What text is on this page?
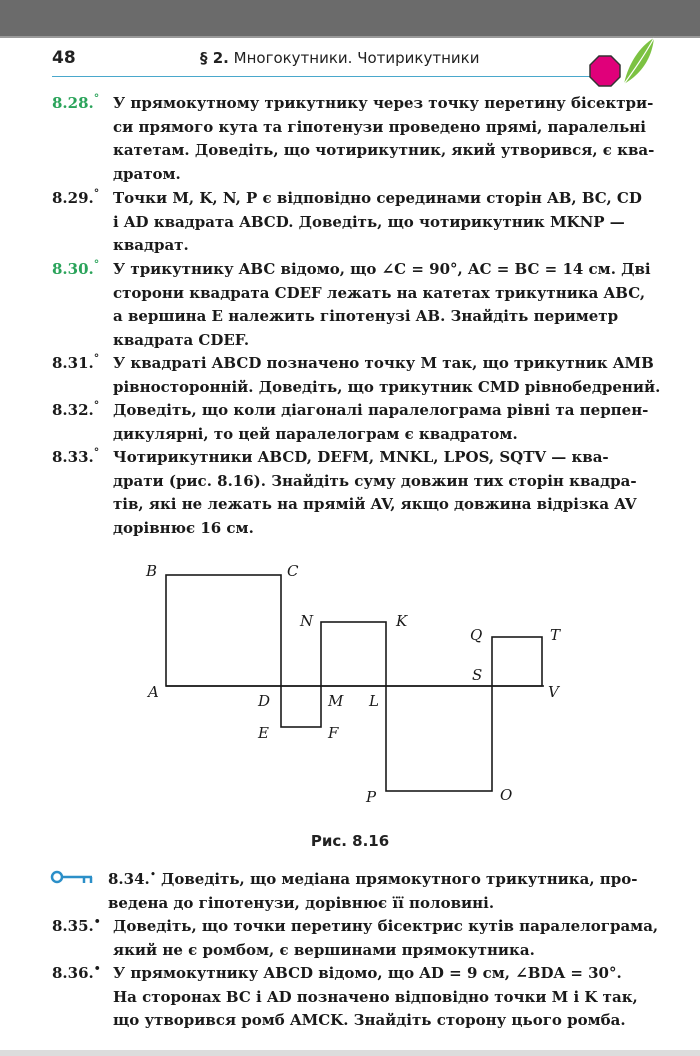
48	§ 2. Многокутники. Чотирикутники
8.28.° У прямокутному трикутнику через точку перетину бісектри-
си прямого кута та гіпотенузи проведено прямі, паралельні
катетам. Доведіть, що чотирикутник, який утворився, є ква-
дратом.
8.29.° Точки M, K, N, P є відповідно серединами сторін AB, BC, CD
і AD квадрата ABCD. Доведіть, що чотирикутник MKNP —
квадрат.
8.30.° У трикутнику ABC відомо, що ∠C = 90°, AC = BC = 14 см. Дві
сторони квадрата CDEF лежать на катетах трикутника ABC,
а вершина E належить гіпотенузі AB. Знайдіть периметр
квадрата CDEF.
8.31.° У квадраті ABCD позначено точку M так, що трикутник AMB
рівносторонній. Доведіть, що трикутник CMD рівнобедрений.
8.32.° Доведіть, що коли діагоналі паралелограма рівні та перпен-
дикулярні, то цей паралелограм є квадратом.
8.33.° Чотирикутники ABCD, DEFM, MNKL, LPOS, SQTV — ква-
драти (рис. 8.16). Знайдіть суму довжин тих сторін квадра-
тів, які не лежать на прямій AV, якщо довжина відрізка AV
дорівнює 16 см.
B	C
A	D
E	F
M
N	K
L
P	O
Q	T
S
V
Рис. 8.16
8.34.• Доведіть, що медіана прямокутного трикутника, про-
ведена до гіпотенузи, дорівнює її половині.
8.35.• Доведіть, що точки перетину бісектрис кутів паралелограма,
який не є ромбом, є вершинами прямокутника.
8.36.• У прямокутнику ABCD відомо, що AD = 9 см, ∠BDA = 30°.
На сторонах BC і AD позначено відповідно точки M і K так,
що утворився ромб AMCK. Знайдіть сторону цього ромба.
